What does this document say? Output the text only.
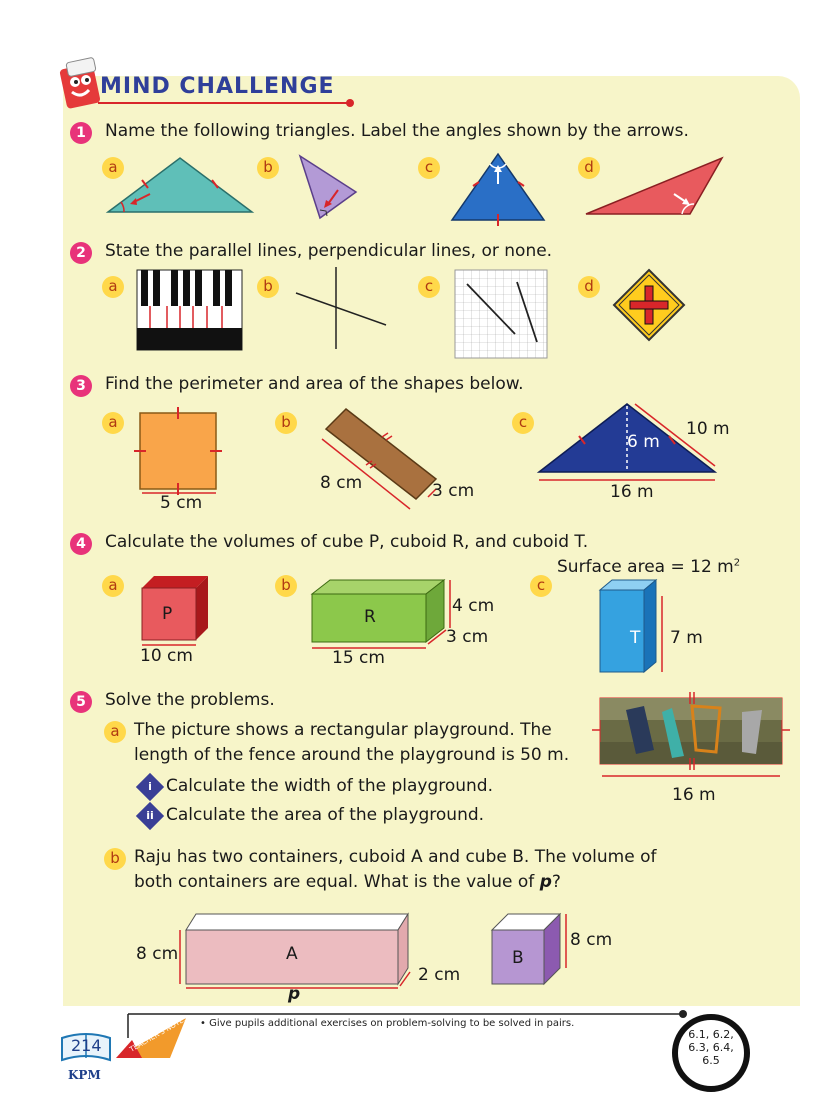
MIND CHALLENGE
1	Name the following triangles. Label the angles shown by the arrows.
a	b	c	d
2	State the parallel lines, perpendicular lines, or none.
a	b	c	d
3	Find the perimeter and area of the shapes below.
a	b	c
5 cm
8 cm	3 cm
6 m
10 m
16 m
4	Calculate the volumes of cube P, cuboid R, and cuboid T.
a	b	c
P
10 cm
R
4 cm
3 cm
15 cm
Surface area = 12 $m^2$
T 7 m
5	Solve the problems.
a The picture shows a rectangular playground. The
length of the fence around the playground is 50 m.
i Calculate the width of the playground.
ii Calculate the area of the playground.
16 m
b Raju has two containers, cuboid A and cube B. The volume of
both containers are equal. What is the value of p?
8 cm	A
2 cm
p
B
8 cm
214
KPM
TEACHER'S NOTES • Give pupils additional exercises on problem-solving to be solved in pairs.
6.1, 6.2,
6.3, 6.4,
6.5
